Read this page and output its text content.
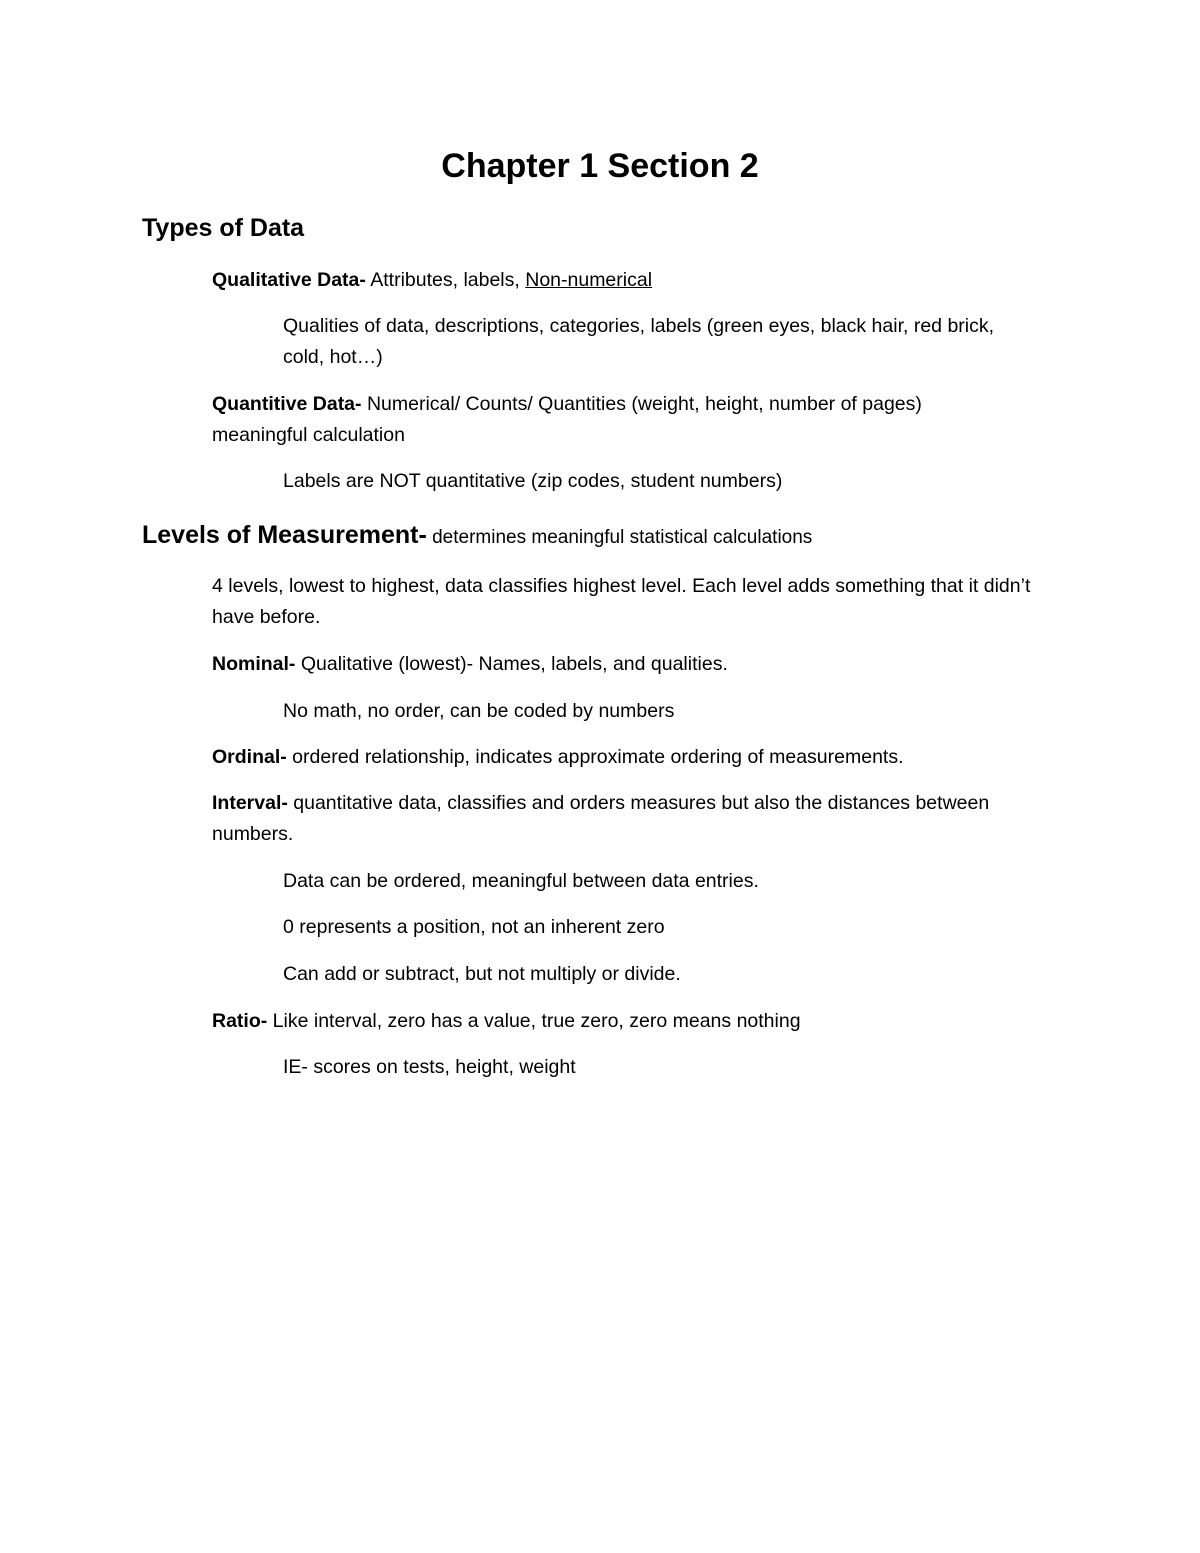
Chapter 1 Section 2
Types of Data

Qualitative Data- Attributes, labels, Non-numerical

Qualities of data, descriptions, categories, labels (green eyes, black hair, red brick, cold, hot…)

Quantitive Data- Numerical/ Counts/ Quantities (weight, height, number of pages) meaningful calculation

Labels are NOT quantitative (zip codes, student numbers)

Levels of Measurement- determines meaningful statistical calculations

4 levels, lowest to highest, data classifies highest level. Each level adds something that it didn’t have before.

Nominal- Qualitative (lowest)- Names, labels, and qualities.

No math, no order, can be coded by numbers

Ordinal- ordered relationship, indicates approximate ordering of measurements.

Interval- quantitative data, classifies and orders measures but also the distances between numbers.

Data can be ordered, meaningful between data entries.

0 represents a position, not an inherent zero

Can add or subtract, but not multiply or divide.

Ratio- Like interval, zero has a value, true zero, zero means nothing

IE- scores on tests, height, weight
